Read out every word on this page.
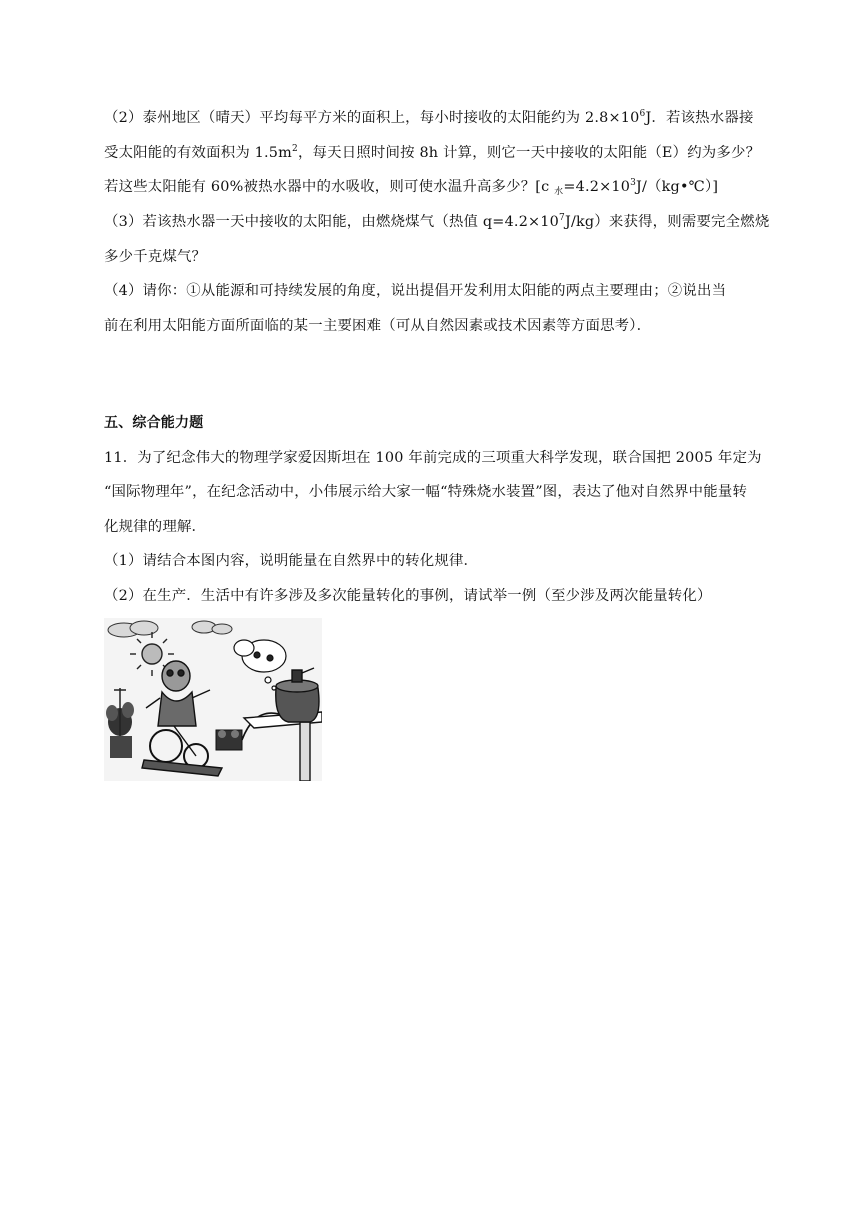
（2）泰州地区（晴天）平均每平方米的面积上，每小时接收的太阳能约为 $2.8\times 10^6J$．若该热水器接
受太阳能的有效面积为 $1.5m^2$，每天日照时间按 8h 计算，则它一天中接收的太阳能（E）约为多少？
若这些太阳能有 60%被热水器中的水吸收，则可使水温升高多少？[c $_水=4.2\times 10^3J/(kg•℃)$]
（3）若该热水器一天中接收的太阳能，由燃烧煤气（热值 $q=4.2\times 10^7J/kg$）来获得，则需要完全燃烧
多少千克煤气？
（4）请你：①从能源和可持续发展的角度，说出提倡开发利用太阳能的两点主要理由；②说出当
前在利用太阳能方面所面临的某一主要困难（可从自然因素或技术因素等方面思考）．
五、综合能力题
11．为了纪念伟大的物理学家爱因斯坦在 100 年前完成的三项重大科学发现，联合国把 2005 年定为
“国际物理年”，在纪念活动中，小伟展示给大家一幅“特殊烧水装置”图，表达了他对自然界中能量转
化规律的理解．
（1）请结合本图内容，说明能量在自然界中的转化规律．
（2）在生产．生活中有许多涉及多次能量转化的事例，请试举一例（至少涉及两次能量转化）
